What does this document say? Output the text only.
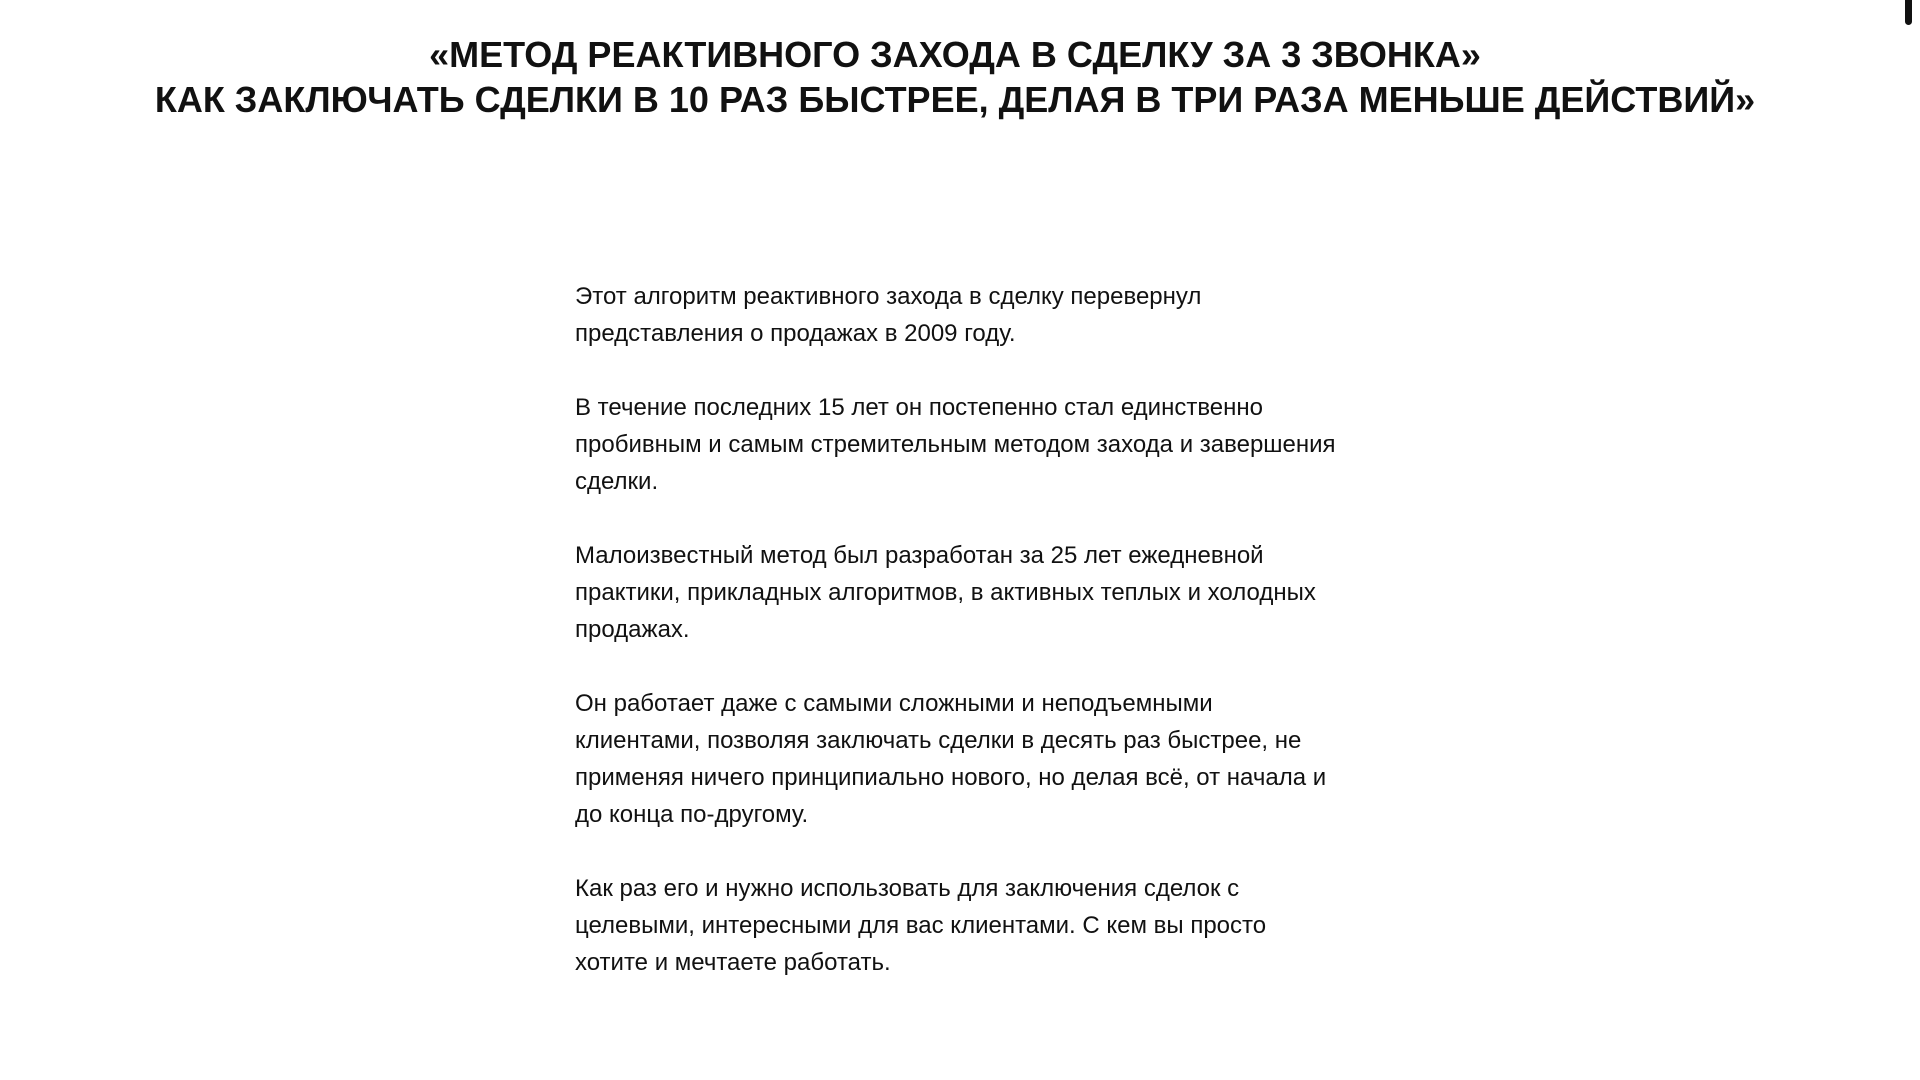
«МЕТОД РЕАКТИВНОГО ЗАХОДА В СДЕЛКУ ЗА 3 ЗВОНКА»
КАК ЗАКЛЮЧАТЬ СДЕЛКИ В 10 РАЗ БЫСТРЕЕ, ДЕЛАЯ В ТРИ РАЗА МЕНЬШЕ ДЕЙСТВИЙ»

Этот алгоритм реактивного захода в сделку перевернул представления о продажах в 2009 году.

В течение последних 15 лет он постепенно стал единственно пробивным и самым стремительным методом захода и завершения сделки.

Малоизвестный метод был разработан за 25 лет ежедневной практики, прикладных алгоритмов, в активных теплых и холодных продажах.

Он работает даже с самыми сложными и неподъемными клиентами, позволяя заключать сделки в десять раз быстрее, не применяя ничего принципиально нового, но делая всё, от начала и до конца по-другому.

Как раз его и нужно использовать для заключения сделок с целевыми, интересными для вас клиентами. С кем вы просто хотите и мечтаете работать.
